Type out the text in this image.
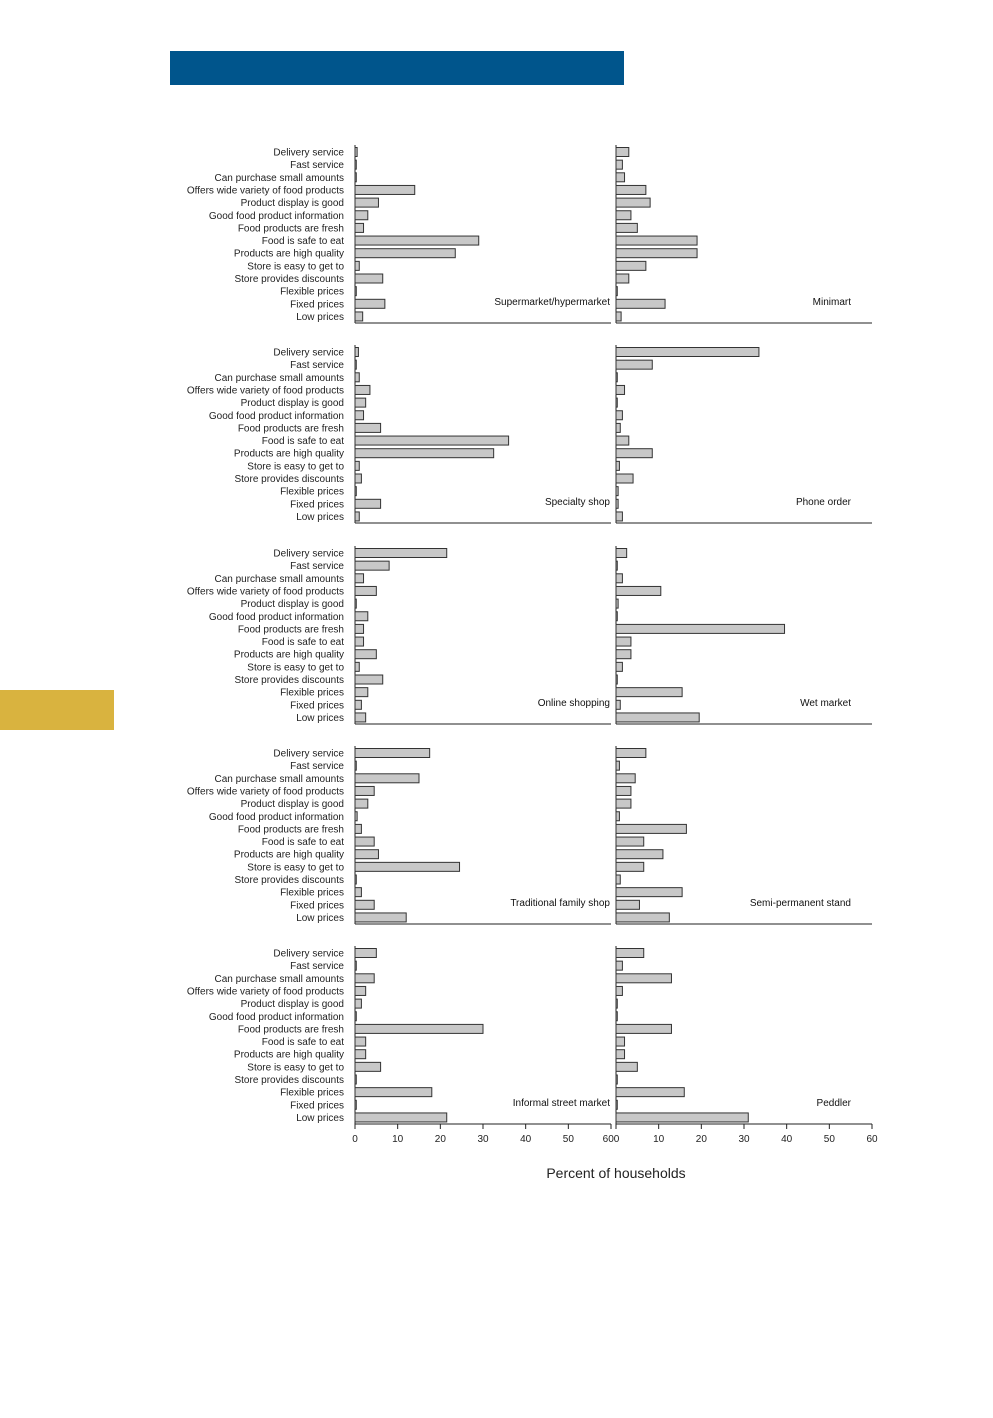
Delivery service
Fast service
Can purchase small amounts
Offers wide variety of food products
Product display is good
Good food product information
Food products are fresh
Food is safe to eat
Products are high quality
Store is easy to get to
Store provides discounts
Flexible prices
Fixed prices
Low prices
Supermarket/hypermarket	Minimart
Delivery service
Fast service
Can purchase small amounts
Offers wide variety of food products
Product display is good
Good food product information
Food products are fresh
Food is safe to eat
Products are high quality
Store is easy to get to
Store provides discounts
Flexible prices
Fixed prices
Low prices
Specialty shop	Phone order
Delivery service
Fast service
Can purchase small amounts
Offers wide variety of food products
Product display is good
Good food product information
Food products are fresh
Food is safe to eat
Products are high quality
Store is easy to get to
Store provides discounts
Flexible prices
Fixed prices
Low prices
Online shopping	Wet market
Delivery service
Fast service
Can purchase small amounts
Offers wide variety of food products
Product display is good
Good food product information
Food products are fresh
Food is safe to eat
Products are high quality
Store is easy to get to
Store provides discounts
Flexible prices
Fixed prices
Low prices
Traditional family shop	Semi-permanent stand
Delivery service
Fast service
Can purchase small amounts
Offers wide variety of food products
Product display is good
Good food product information
Food products are fresh
Food is safe to eat
Products are high quality
Store is easy to get to
Store provides discounts
Flexible prices
Fixed prices
Low prices
Informal street market	Peddler
0	10	20	30	40	50	600	10	20	30	40	50	60
Percent of households
